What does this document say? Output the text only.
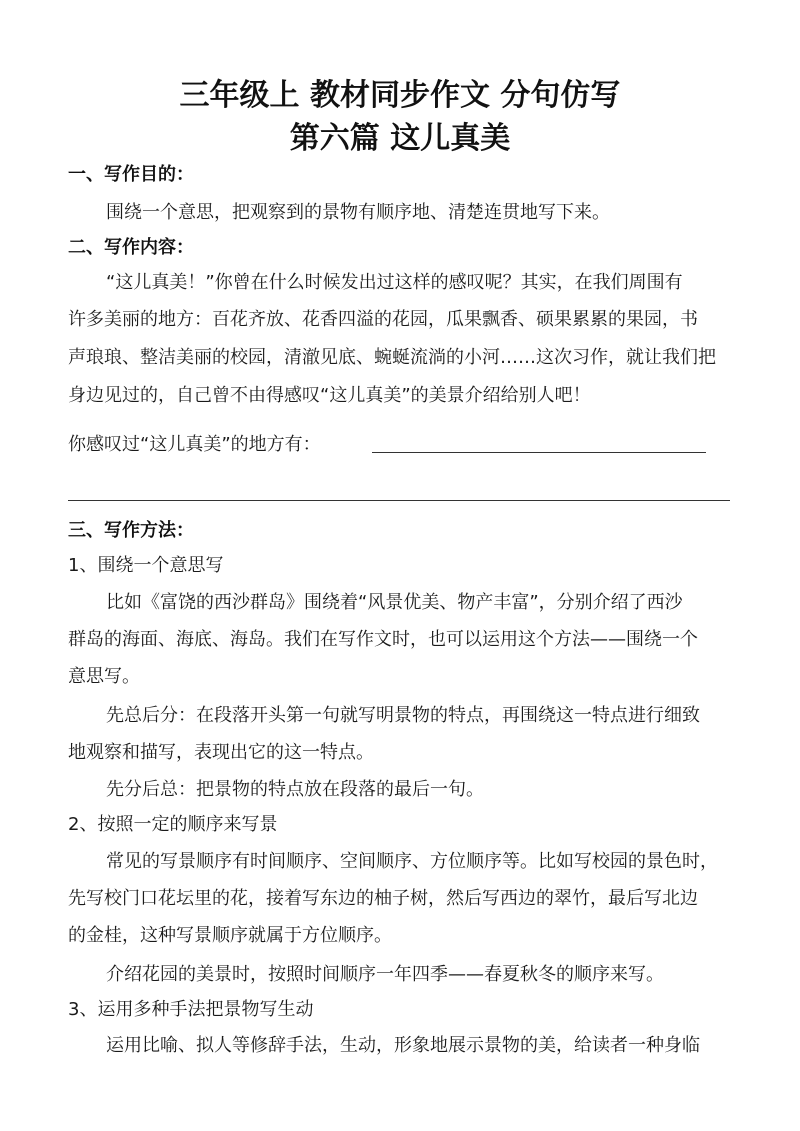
三年级上 教材同步作文 分句仿写
第六篇 这儿真美
一、写作目的：
围绕一个意思，把观察到的景物有顺序地、清楚连贯地写下来。
二、写作内容：
“这儿真美！”你曾在什么时候发出过这样的感叹呢？其实，在我们周围有
许多美丽的地方：百花齐放、花香四溢的花园，瓜果飘香、硕果累累的果园，书
声琅琅、整洁美丽的校园，清澈见底、蜿蜒流淌的小河……这次习作，就让我们把
身边见过的，自己曾不由得感叹“这儿真美”的美景介绍给别人吧！
你感叹过“这儿真美”的地方有：
三、写作方法：
1、围绕一个意思写
比如《富饶的西沙群岛》围绕着“风景优美、物产丰富”，分别介绍了西沙
群岛的海面、海底、海岛。我们在写作文时，也可以运用这个方法——围绕一个
意思写。
先总后分：在段落开头第一句就写明景物的特点，再围绕这一特点进行细致
地观察和描写，表现出它的这一特点。
先分后总：把景物的特点放在段落的最后一句。
2、按照一定的顺序来写景
常见的写景顺序有时间顺序、空间顺序、方位顺序等。比如写校园的景色时，
先写校门口花坛里的花，接着写东边的柚子树，然后写西边的翠竹，最后写北边
的金桂，这种写景顺序就属于方位顺序。
介绍花园的美景时，按照时间顺序一年四季——春夏秋冬的顺序来写。
3、运用多种手法把景物写生动
运用比喻、拟人等修辞手法，生动，形象地展示景物的美，给读者一种身临
